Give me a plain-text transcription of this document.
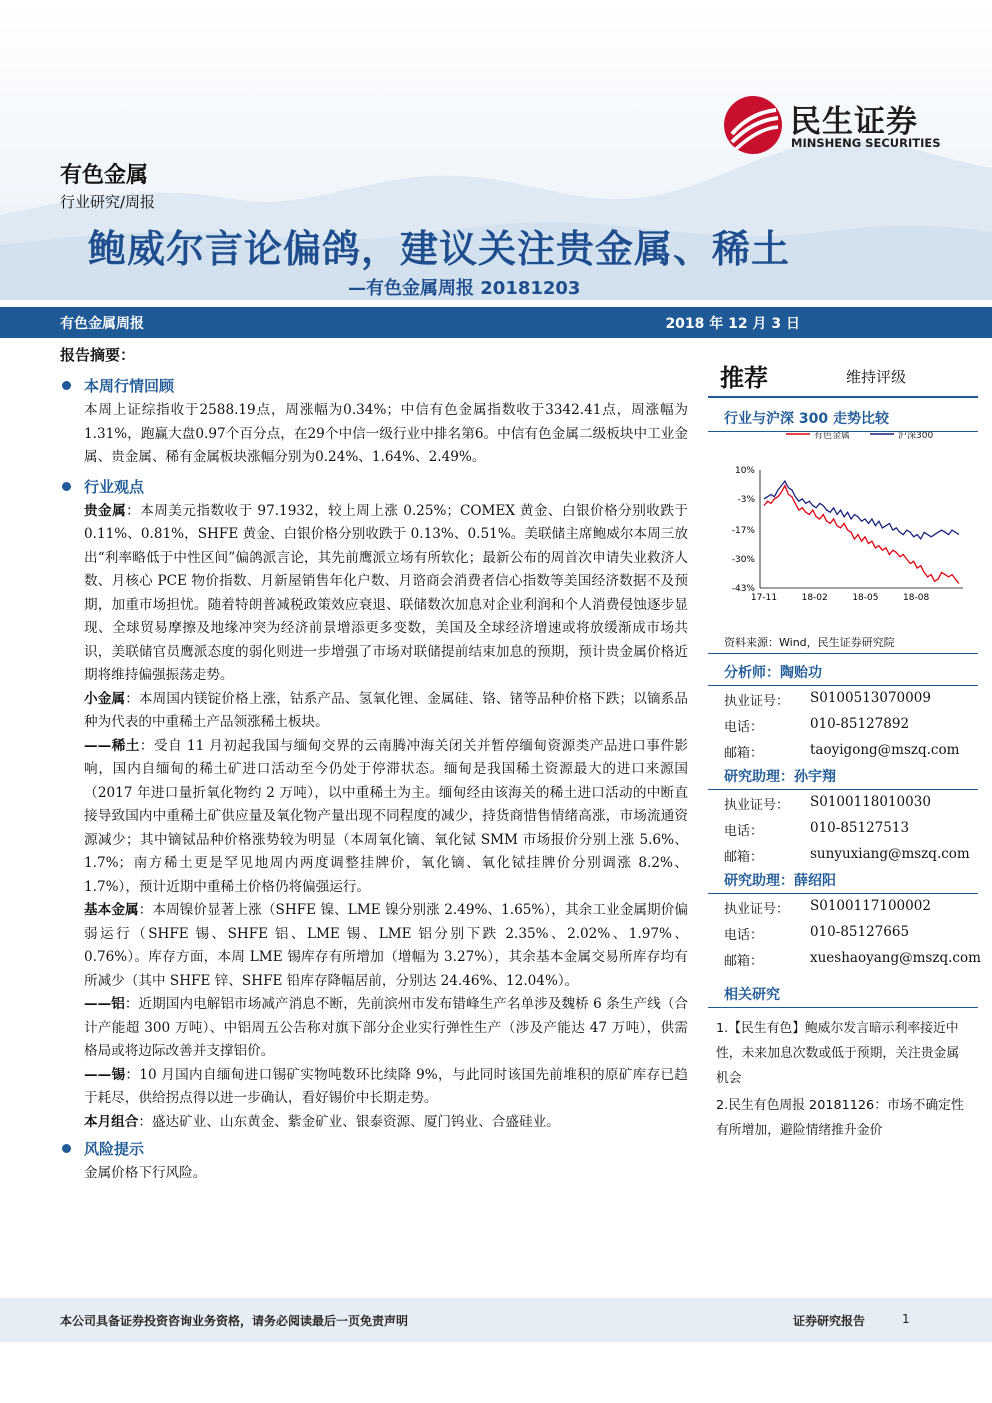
民生证券
MINSHENG SECURITIES
有色金属
行业研究/周报
鲍威尔言论偏鸽，建议关注贵金属、稀土
—有色金属周报 20181203
有色金属周报	2018 年 12 月 3 日
报告摘要：
本周行情回顾
本周上证综指收于2588.19点，周涨幅为0.34%；中信有色金属指数收于3342.41点，周涨幅为1.31%，跑赢大盘0.97个百分点，在29个中信一级行业中排名第6。中信有色金属二级板块中工业金属、贵金属、稀有金属板块涨幅分别为0.24%、1.64%、2.49%。
行业观点
贵金属：本周美元指数收于 97.1932，较上周上涨 0.25%；COMEX 黄金、白银价格分别收跌于 0.11%、0.81%，SHFE 黄金、白银价格分别收跌于 0.13%、0.51%。美联储主席鲍威尔本周三放出“利率略低于中性区间”偏鸽派言论，其先前鹰派立场有所软化；最新公布的周首次申请失业救济人数、月核心 PCE 物价指数、月新屋销售年化户数、月谘商会消费者信心指数等美国经济数据不及预期，加重市场担忧。随着特朗普减税政策效应衰退、联储数次加息对企业利润和个人消费侵蚀逐步显现、全球贸易摩擦及地缘冲突为经济前景增添更多变数，美国及全球经济增速或将放缓渐成市场共识，美联储官员鹰派态度的弱化则进一步增强了市场对联储提前结束加息的预期，预计贵金属价格近期将维持偏强振荡走势。
小金属：本周国内镁锭价格上涨，钴系产品、氢氧化锂、金属硅、铬、锗等品种价格下跌；以镝系品种为代表的中重稀土产品领涨稀土板块。
——稀土：受自 11 月初起我国与缅甸交界的云南腾冲海关闭关并暂停缅甸资源类产品进口事件影响，国内自缅甸的稀土矿进口活动至今仍处于停滞状态。缅甸是我国稀土资源最大的进口来源国（2017 年进口量折氧化物约 2 万吨），以中重稀土为主。缅甸经由该海关的稀土进口活动的中断直接导致国内中重稀土矿供应量及氧化物产量出现不同程度的减少，持货商惜售情绪高涨，市场流通资源减少；其中镝铽品种价格涨势较为明显（本周氧化镝、氧化铽 SMM 市场报价分别上涨 5.6%、1.7%；南方稀土更是罕见地周内两度调整挂牌价，氧化镝、氧化铽挂牌价分别调涨 8.2%、1.7%），预计近期中重稀土价格仍将偏强运行。
基本金属：本周镍价显著上涨（SHFE 镍、LME 镍分别涨 2.49%、1.65%），其余工业金属期价偏弱运行（SHFE 锡、SHFE 铝、LME 锡、LME 铝分别下跌 2.35%、2.02%、1.97%、0.76%）。库存方面，本周 LME 锡库存有所增加（增幅为 3.27%），其余基本金属交易所库存均有所减少（其中 SHFE 锌、SHFE 铅库存降幅居前，分别达 24.46%、12.04%）。
——铝：近期国内电解铝市场减产消息不断，先前滨州市发布错峰生产名单涉及魏桥 6 条生产线（合计产能超 300 万吨）、中铝周五公告称对旗下部分企业实行弹性生产（涉及产能达 47 万吨），供需格局或将边际改善并支撑铝价。
——锡：10 月国内自缅甸进口锡矿实物吨数环比续降 9%，与此同时该国先前堆积的原矿库存已趋于耗尽，供给拐点得以进一步确认，看好锡价中长期走势。
本月组合：盛达矿业、山东黄金、紫金矿业、银泰资源、厦门钨业、合盛硅业。
风险提示
金属价格下行风险。
推荐	维持评级
行业与沪深 300 走势比较
有色金属	沪深300
10%
-3%
-17%
-30%
-43%
17-11	18-02	18-05	18-08
资料来源：Wind，民生证券研究院
分析师：陶贻功
执业证号： S0100513070009
电话：	010-85127892
邮箱：	taoyigong@mszq.com
研究助理：孙宇翔
执业证号： S0100118010030
电话：	010-85127513
邮箱：	sunyuxiang@mszq.com
研究助理：薛绍阳
执业证号： S0100117100002
电话：	010-85127665
邮箱：	xueshaoyang@mszq.com
相关研究
1.【民生有色】鲍威尔发言暗示利率接近中性，未来加息次数或低于预期，关注贵金属机会
2.民生有色周报 20181126：市场不确定性有所增加，避险情绪推升金价
本公司具备证券投资咨询业务资格，请务必阅读最后一页免责声明	证券研究报告	1
